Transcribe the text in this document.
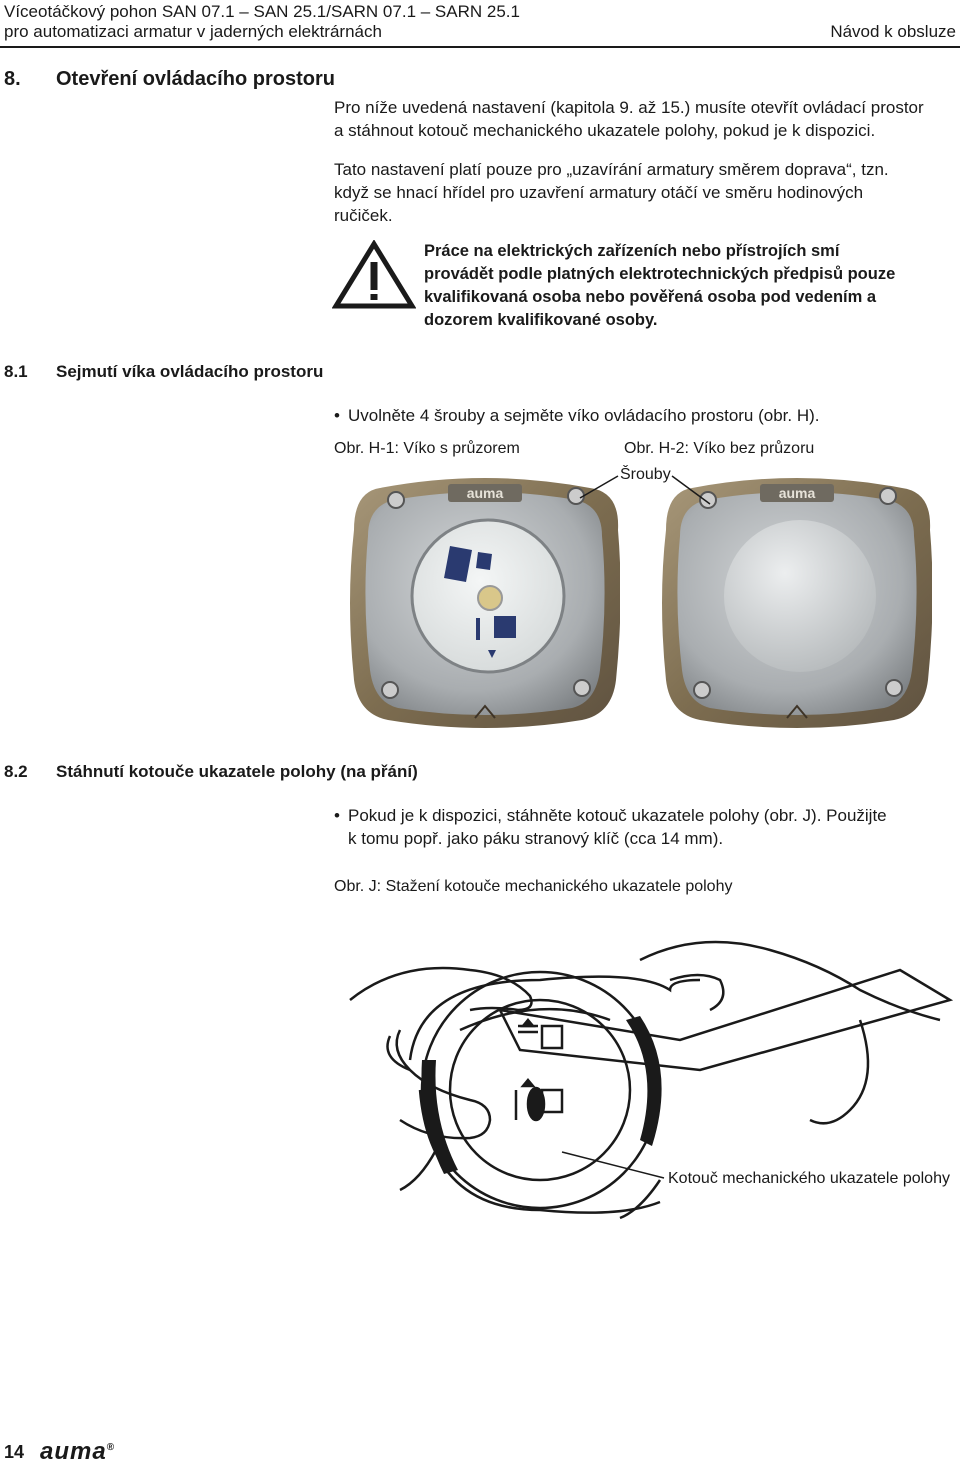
Víceotáčkový pohon SAN 07.1 – SAN 25.1/SARN 07.1 – SARN 25.1
pro automatizaci armatur v jaderných elektrárnách	Návod k obsluze
8. Otevření ovládacího prostoru
Pro níže uvedená nastavení (kapitola 9. až 15.) musíte otevřít ovládací prostor
a stáhnout kotouč mechanického ukazatele polohy, pokud je k dispozici.
Tato nastavení platí pouze pro „uzavírání armatury směrem doprava“, tzn.
když se hnací hřídel pro uzavření armatury otáčí ve směru hodinových
ručiček.
Práce na elektrických zařízeních nebo přístrojích smí
provádět podle platných elektrotechnických předpisů pouze
kvalifikovaná osoba nebo pověřená osoba pod vedením a
dozorem kvalifikované osoby.
8.1 Sejmutí víka ovládacího prostoru
• Uvolněte 4 šrouby a sejměte víko ovládacího prostoru (obr. H).
Obr. H-1: Víko s průzorem	Obr. H-2: Víko bez průzoru
Šrouby
auma	auma
8.2 Stáhnutí kotouče ukazatele polohy (na přání)
• Pokud je k dispozici, stáhněte kotouč ukazatele polohy (obr. J). Použijte
k tomu popř. jako páku stranový klíč (cca 14 mm).
Obr. J: Stažení kotouče mechanického ukazatele polohy
Kotouč mechanického ukazatele polohy
14 auma®
